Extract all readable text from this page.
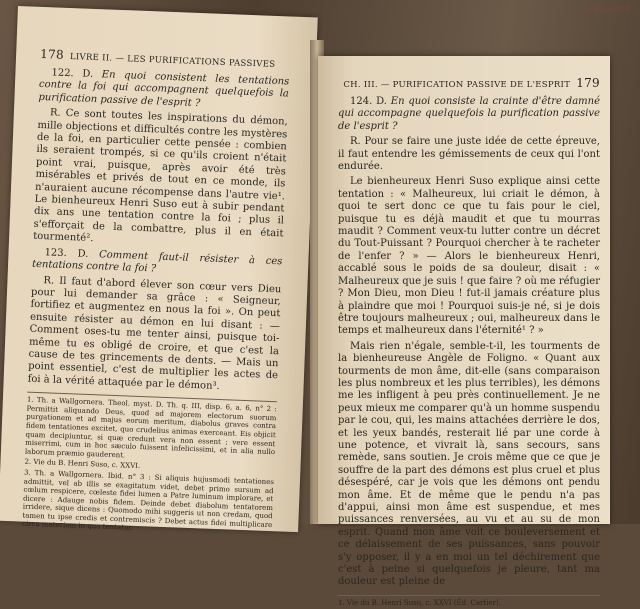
178 LIVRE II. — LES PURIFICATIONS PASSIVES

122. D. En quoi consistent les tentations contre la foi qui accompagnent quelquefois la purification passive de l'esprit ?

R. Ce sont toutes les inspirations du démon, mille objections et difficultés contre les mystères de la foi, en particulier cette pensée : combien ils seraient trompés, si ce qu'ils croient n'était point vrai, puisque, après avoir été très misérables et privés de tout en ce monde, ils n'auraient aucune récompense dans l'autre vie¹. Le bienheureux Henri Suso eut à subir pendant dix ans une tentation contre la foi ; plus il s'efforçait de la combattre, plus il en était tourmenté².

123. D. Comment faut-il résister à ces tentations contre la foi ?

R. Il faut d'abord élever son cœur vers Dieu pour lui demander sa grâce : « Seigneur, fortifiez et augmentez en nous la foi ». On peut ensuite résister au démon en lui disant : — Comment oses-tu me tenter ainsi, puisque toi-même tu es obligé de croire, et que c'est la cause de tes grincements de dents. — Mais un point essentiel, c'est de multiplier les actes de foi à la vérité attaquée par le démon³.

1. Th. a Wallgornera. Theol. myst. D. Th. q. III, disp. 6, a. 6, n° 2 : Permittit aliquando Deus, quod ad majorem electorum suorum purgationem et ad majus eorum meritum, diabolus graves contra fidem tentationes excitet, quo crudelius animas exerceant. Eis objicit quam decipiuntur, si quæ credunt vera non essent ; vere essent miserrimi, cum in hoc sæculo fuissent infelicissimi, et in alia nullo laborum præmio gauderent.

2. Vie du B. Henri Suso, c. XXVI.

3. Th. a Wallgornera. Ibid. n° 3 : Si aliquis hujusmodi tentationes admittit, vel ab illis se exagitatum videt, debet primo sursum ad cœlum respicere, cœleste fidei lumen a Patre luminum implorare, et dicere : Adauge nobis fidem. Deinde debet diabolum tentatorem irridere, sique dicens : Quomodo mihi suggeris ut non credam, quod tamen tu ipse credis et contremiscis ? Debet actus fidei multiplicare circa materiam in qua tentatur.

CH. III. — PURIFICATION PASSIVE DE L'ESPRIT 179

124. D. En quoi consiste la crainte d'être damné qui accompagne quelquefois la purification passive de l'esprit ?

R. Pour se faire une juste idée de cette épreuve, il faut entendre les gémissements de ceux qui l'ont endurée.

Le bienheureux Henri Suso explique ainsi cette tentation : « Malheureux, lui criait le démon, à quoi te sert donc ce que tu fais pour le ciel, puisque tu es déjà maudit et que tu mourras maudit ? Comment veux-tu lutter contre un décret du Tout-Puissant ? Pourquoi chercher à te racheter de l'enfer ? » — Alors le bienheureux Henri, accablé sous le poids de sa douleur, disait : « Malheureux que je suis ! que faire ? où me réfugier ? Mon Dieu, mon Dieu ! fut-il jamais créature plus à plaindre que moi ! Pourquoi suis-je né, si je dois être toujours malheureux ; oui, malheureux dans le temps et malheureux dans l'éternité¹ ? »

Mais rien n'égale, semble-t-il, les tourments de la bienheureuse Angèle de Foligno. « Quant aux tourments de mon âme, dit-elle (sans comparaison les plus nombreux et les plus terribles), les démons me les infligent à peu près continuellement. Je ne peux mieux me comparer qu'à un homme suspendu par le cou, qui, les mains attachées derrière le dos, et les yeux bandés, resterait lié par une corde à une potence, et vivrait là, sans secours, sans remède, sans soutien. Je crois même que ce que je souffre de la part des démons est plus cruel et plus désespéré, car je vois que les démons ont pendu mon âme. Et de même que le pendu n'a pas d'appui, ainsi mon âme est suspendue, et mes puissances renversées, au vu et au su de mon esprit. Quand mon âme voit ce bouleversement et ce délaissement de ses puissances, sans pouvoir s'y opposer, il y a en moi un tel déchirement que c'est à peine si quelquefois je pleure, tant ma douleur est pleine de

1. Vie du B. Henri Suso, c. XXVI (Éd. Cartier).

LIBRAIRIE
